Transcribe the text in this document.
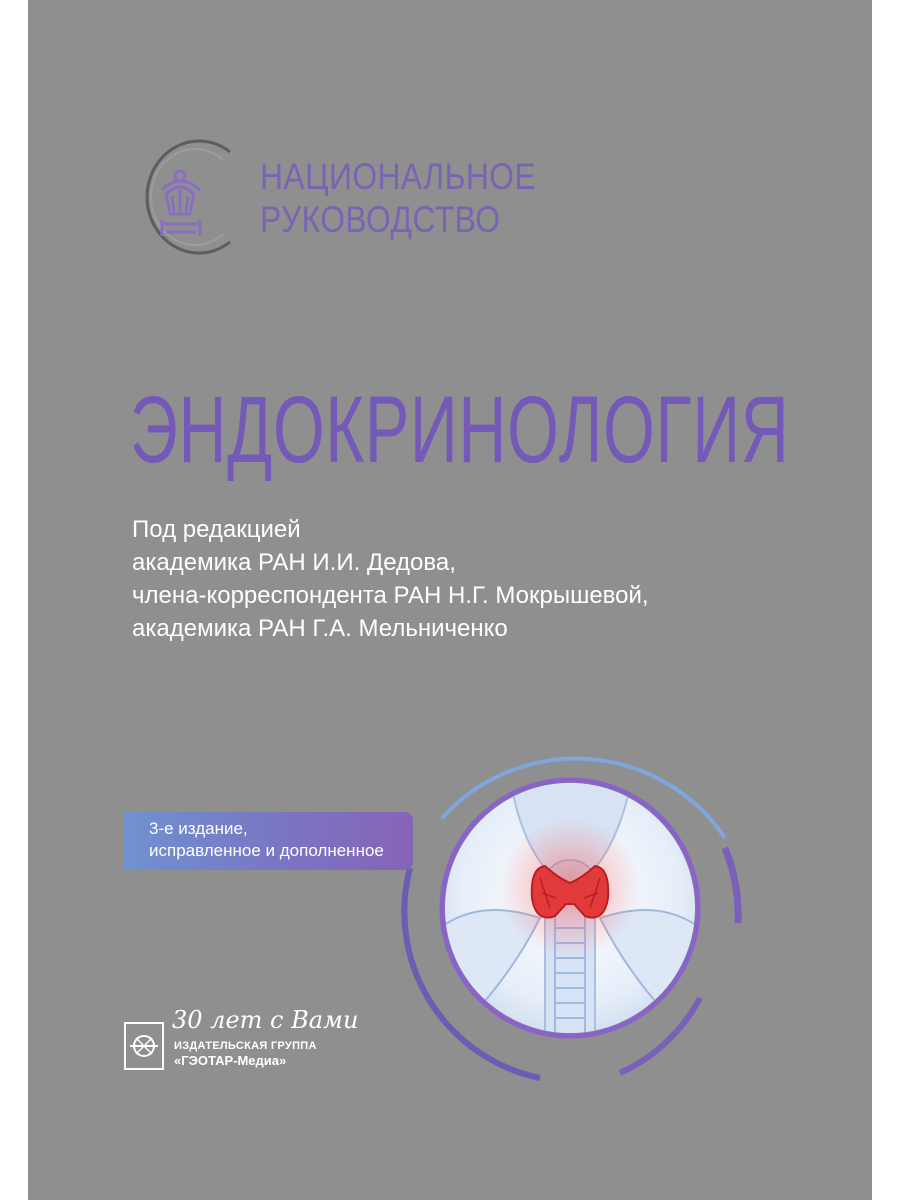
НАЦИОНАЛЬНОЕ
РУКОВОДСТВО
ЭНДОКРИНОЛОГИЯ
Под редакцией
академика РАН И.И. Дедова,
члена-корреспондента РАН Н.Г. Мокрышевой,
академика РАН Г.А. Мельниченко
3-е издание,
исправленное и дополненное
30 лет с Вами
ИЗДАТЕЛЬСКАЯ ГРУППА
«ГЭОТАР-Медиа»
